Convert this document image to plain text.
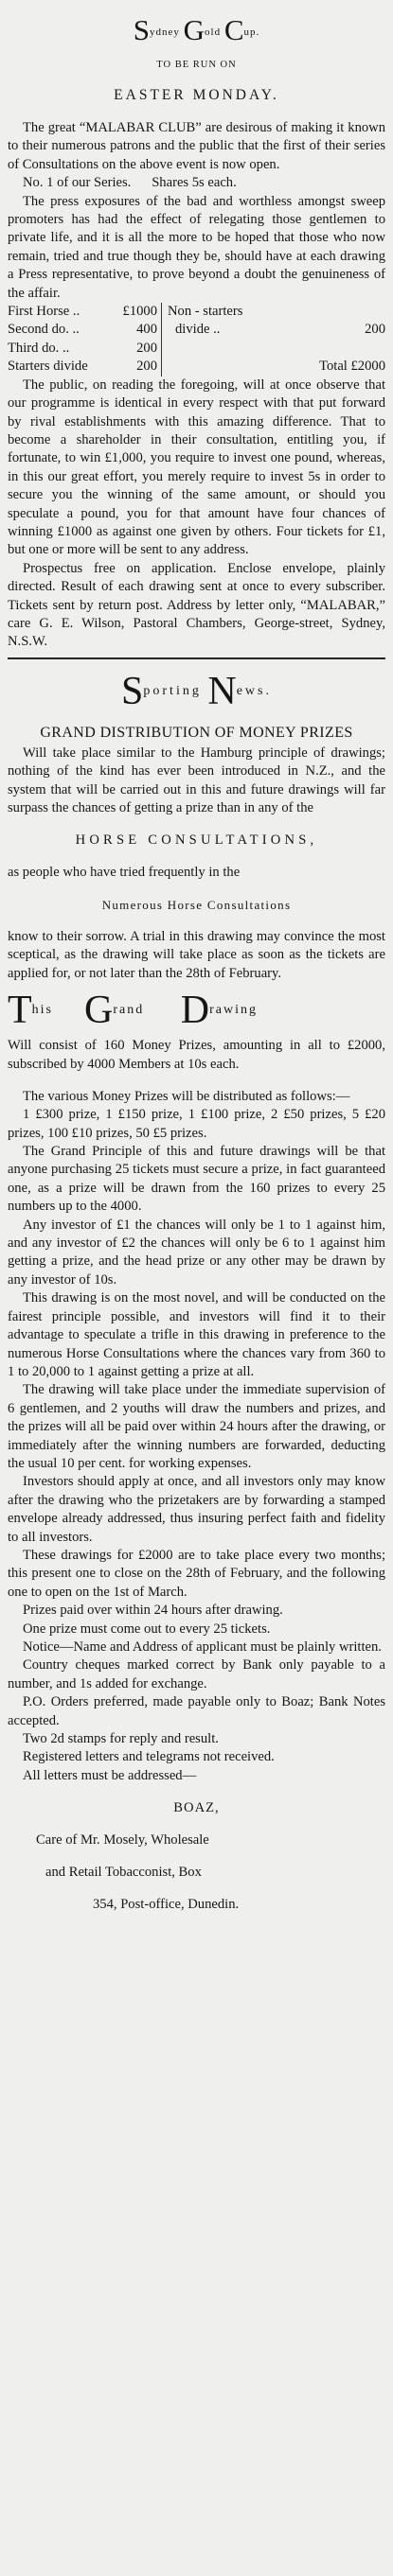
Sydney Gold Cup.

TO BE RUN ON

EASTER MONDAY.

The great “MALABAR CLUB” are desirous of making it known to their numerous patrons and the public that the first of their series of Consultations on the above event is now open.

No. 1 of our Series.      Shares 5s each.

The press exposures of the bad and worthless amongst sweep promoters has had the effect of relegating those gentlemen to private life, and it is all the more to be hoped that those who now remain, tried and true though they be, should have at each drawing a Press representative, to prove beyond a doubt the genuineness of the affair.

First Horse ..	£1000	Non - starters	
Second do. ..	400	divide ..	200
Third do. ..	200		
Starters divide	200	Total £2000	

The public, on reading the foregoing, will at once observe that our programme is identical in every respect with that put forward by rival establishments with this amazing difference. That to become a shareholder in their consultation, entitling you, if fortunate, to win £1,000, you require to invest one pound, whereas, in this our great effort, you merely require to invest 5s in order to secure you the winning of the same amount, or should you speculate a pound, you for that amount have four chances of winning £1000 as against one given by others. Four tickets for £1, but one or more will be sent to any address.

Prospectus free on application. Enclose envelope, plainly directed. Result of each drawing sent at once to every subscriber. Tickets sent by return post. Address by letter only, “MALABAR,” care G. E. Wilson, Pastoral Chambers, George-street, Sydney, N.S.W.

Sporting News.

GRAND DISTRIBUTION OF MONEY PRIZES

Will take place similar to the Hamburg principle of drawings; nothing of the kind has ever been introduced in N.Z., and the system that will be carried out in this and future drawings will far surpass the chances of getting a prize than in any of the

HORSE CONSULTATIONS,

as people who have tried frequently in the

Numerous Horse Consultations

know to their sorrow. A trial in this drawing may convince the most sceptical, as the drawing will take place as soon as the tickets are applied for, or not later than the 28th of February.

This      Grand       Drawing

Will consist of 160 Money Prizes, amounting in all to £2000, subscribed by 4000 Members at 10s each.

The various Money Prizes will be distributed as follows:—

1 £300 prize, 1 £150 prize, 1 £100 prize, 2 £50 prizes, 5 £20 prizes, 100 £10 prizes, 50 £5 prizes.

The Grand Principle of this and future drawings will be that anyone purchasing 25 tickets must secure a prize, in fact guaranteed one, as a prize will be drawn from the 160 prizes to every 25 numbers up to the 4000.

Any investor of £1 the chances will only be 1 to 1 against him, and any investor of £2 the chances will only be 6 to 1 against him getting a prize, and the head prize or any other may be drawn by any investor of 10s.

This drawing is on the most novel, and will be conducted on the fairest principle possible, and investors will find it to their advantage to speculate a trifle in this drawing in preference to the numerous Horse Consultations where the chances vary from 360 to 1 to 20,000 to 1 against getting a prize at all.

The drawing will take place under the immediate supervision of 6 gentlemen, and 2 youths will draw the numbers and prizes, and the prizes will all be paid over within 24 hours after the drawing, or immediately after the winning numbers are forwarded, deducting the usual 10 per cent. for working expenses.

Investors should apply at once, and all investors only may know after the drawing who the prizetakers are by forwarding a stamped envelope already addressed, thus insuring perfect faith and fidelity to all investors.

These drawings for £2000 are to take place every two months; this present one to close on the 28th of February, and the following one to open on the 1st of March.

Prizes paid over within 24 hours after drawing.

One prize must come out to every 25 tickets.

Notice—Name and Address of applicant must be plainly written.

Country cheques marked correct by Bank only payable to a number, and 1s added for exchange.

P.O. Orders preferred, made payable only to Boaz; Bank Notes accepted.

Two 2d stamps for reply and result.

Registered letters and telegrams not received.

All letters must be addressed—

BOAZ,

Care of Mr. Mosely, Wholesale

and Retail Tobacconist, Box

354, Post-office, Dunedin.
